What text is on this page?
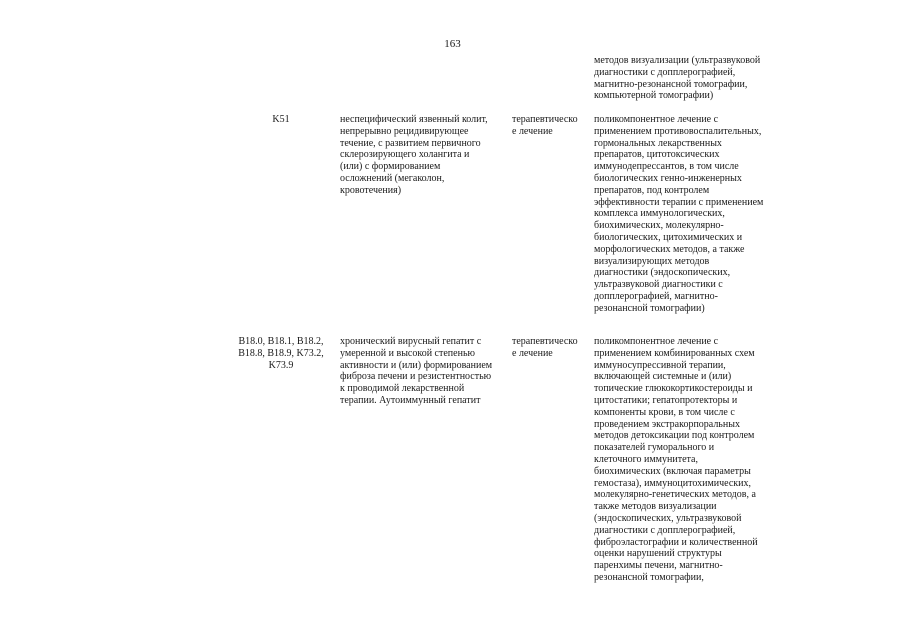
163
методов визуализации (ультразвуковой
диагностики с допплерографией,
магнитно-резонансной томографии,
компьютерной томографии)
K51	неспецифический язвенный колит,
непрерывно рецидивирующее
течение, с развитием первичного
склерозирующего холангита и
(или) с формированием
осложнений (мегаколон,
кровотечения)
терапевтическо
е лечение
поликомпонентное лечение с
применением противовоспалительных,
гормональных лекарственных
препаратов, цитотоксических
иммунодепрессантов, в том числе
биологических генно-инженерных
препаратов, под контролем
эффективности терапии с применением
комплекса иммунологических,
биохимических, молекулярно-
биологических, цитохимических и
морфологических методов, а также
визуализирующих методов
диагностики (эндоскопических,
ультразвуковой диагностики с
допплерографией, магнитно-
резонансной томографии)
B18.0, B18.1, B18.2,
B18.8, B18.9, K73.2,
K73.9
хронический вирусный гепатит с
умеренной и высокой степенью
активности и (или) формированием
фиброза печени и резистентностью
к проводимой лекарственной
терапии. Аутоиммунный гепатит
терапевтическо
е лечение
поликомпонентное лечение с
применением комбинированных схем
иммуносупрессивной терапии,
включающей системные и (или)
топические глюкокортикостероиды и
цитостатики; гепатопротекторы и
компоненты крови, в том числе с
проведением экстракорпоральных
методов детоксикации под контролем
показателей гуморального и
клеточного иммунитета,
биохимических (включая параметры
гемостаза), иммуноцитохимических,
молекулярно-генетических методов, а
также методов визуализации
(эндоскопических, ультразвуковой
диагностики с допплерографией,
фиброэластографии и количественной
оценки нарушений структуры
паренхимы печени, магнитно-
резонансной томографии,
